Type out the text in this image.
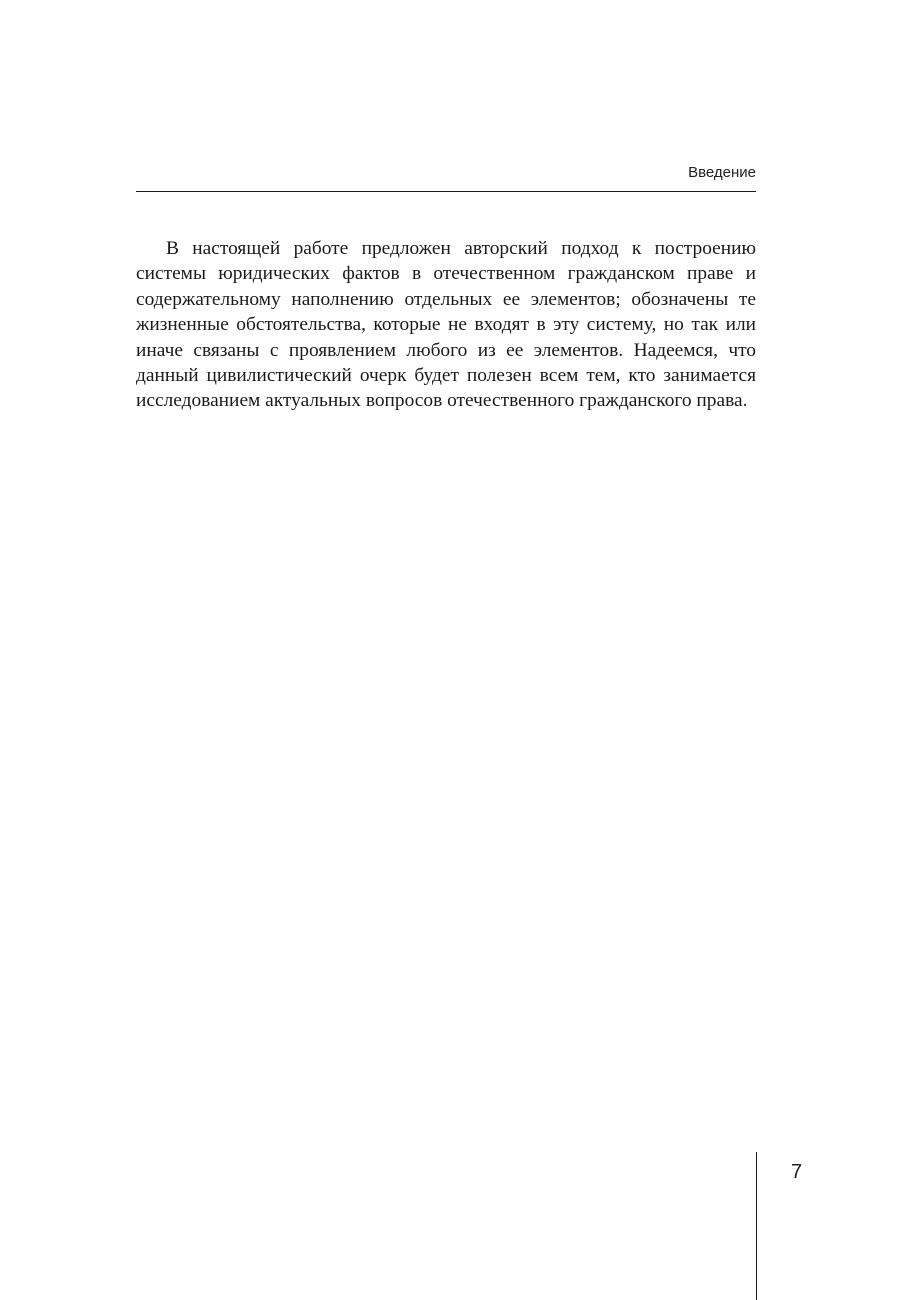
Введение

В настоящей работе предложен авторский подход к построению системы юридических фактов в отечественном гражданском праве и содержательному наполнению отдельных ее элементов; обозначены те жизненные обстоятельства, которые не входят в эту систему, но так или иначе связаны с проявлением любого из ее элементов. Надеемся, что данный цивилистический очерк будет полезен всем тем, кто занимается исследованием актуальных вопросов отечественного гражданского права.

7
